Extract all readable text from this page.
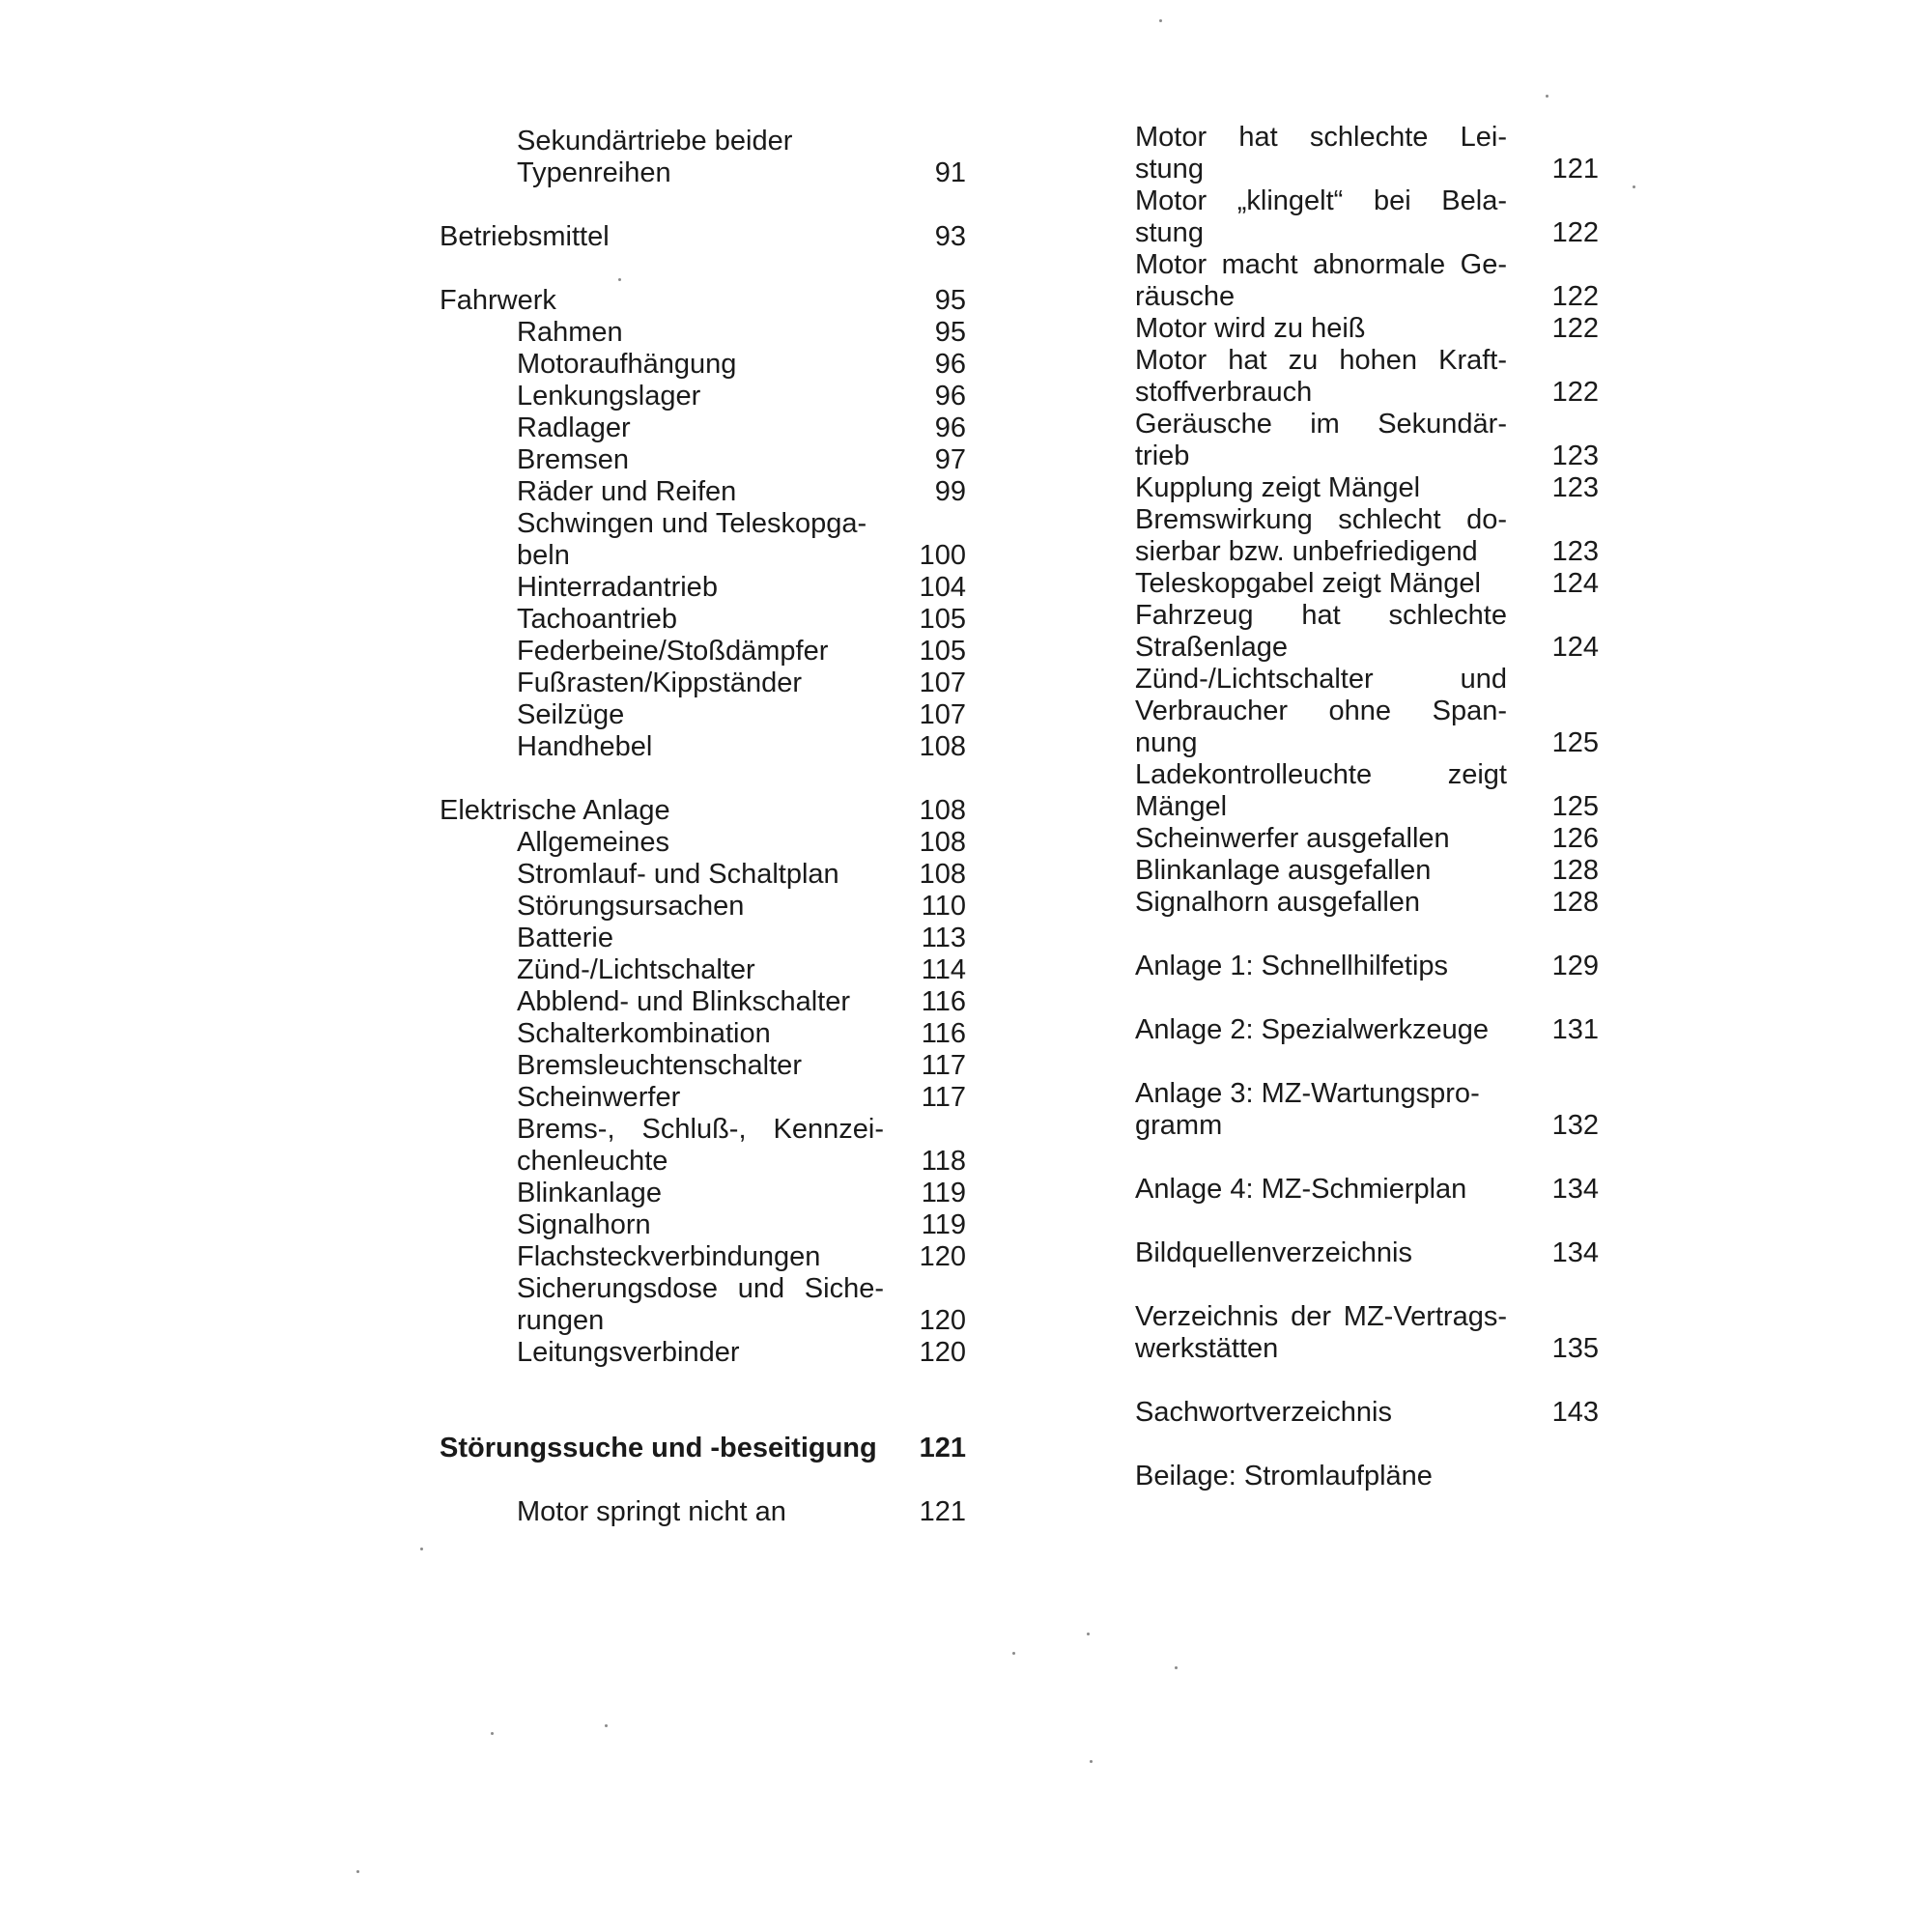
Sekundärtriebe beider
Typenreihen	91
Betriebsmittel	93
Fahrwerk	95
Rahmen	95
Motoraufhängung	96
Lenkungslager	96
Radlager	96
Bremsen	97
Räder und Reifen	99
Schwingen und Teleskopga-
beln	100
Hinterradantrieb	104
Tachoantrieb	105
Federbeine/Stoßdämpfer	105
Fußrasten/Kippständer	107
Seilzüge	107
Handhebel	108
Elektrische Anlage	108
Allgemeines	108
Stromlauf- und Schaltplan	108
Störungsursachen	110
Batterie	113
Zünd-/Lichtschalter	114
Abblend- und Blinkschalter	116
Schalterkombination	116
Bremsleuchtenschalter	117
Scheinwerfer	117
Brems-, Schluß-, Kennzei-
chenleuchte	118
Blinkanlage	119
Signalhorn	119
Flachsteckverbindungen	120
Sicherungsdose und Siche-
rungen	120
Leitungsverbinder	120
Störungssuche und -beseitigung	121
Motor springt nicht an	121
Motor hat schlechte Lei-
stung	121
Motor „klingelt“ bei Bela-
stung	122
Motor macht abnormale Ge-
räusche	122
Motor wird zu heiß	122
Motor hat zu hohen Kraft-
stoffverbrauch	122
Geräusche im Sekundär-
trieb	123
Kupplung zeigt Mängel	123
Bremswirkung schlecht do-
sierbar bzw. unbefriedigend	123
Teleskopgabel zeigt Mängel	124
Fahrzeug hat schlechte
Straßenlage	124
Zünd-/Lichtschalter und
Verbraucher ohne Span-
nung	125
Ladekontrolleuchte zeigt
Mängel	125
Scheinwerfer ausgefallen	126
Blinkanlage ausgefallen	128
Signalhorn ausgefallen	128
Anlage 1: Schnellhilfetips	129
Anlage 2: Spezialwerkzeuge	131
Anlage 3: MZ-Wartungspro-
gramm	132
Anlage 4: MZ-Schmierplan	134
Bildquellenverzeichnis	134
Verzeichnis der MZ-Vertrags-
werkstätten	135
Sachwortverzeichnis	143
Beilage: Stromlaufpläne
